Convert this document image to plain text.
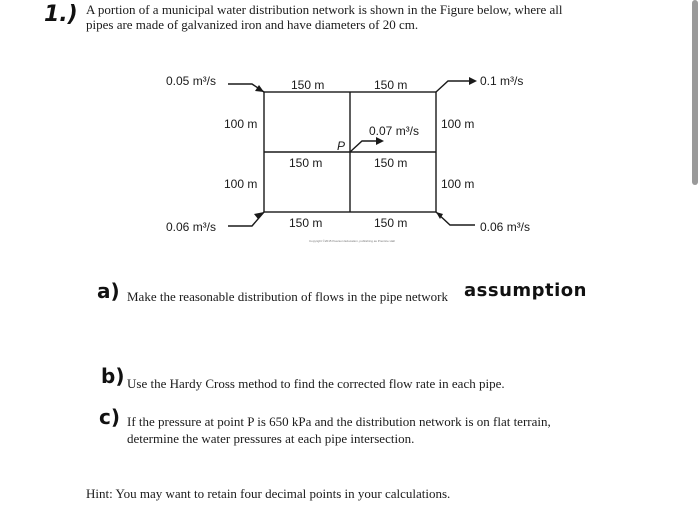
1.) A portion of a municipal water distribution network is shown in the Figure below, where all
pipes are made of galvanized iron and have diameters of 20 cm.
0.05 m³/s	0.1 m³/s
0.06 m³/s	0.06 m³/s
0.07 m³/s
P
150 m	150 m
150 m	150 m
150 m	150 m
100 m
100 m
100 m
100 m
Copyright ©2015 Pearson Education, publishing as Prentice Hall
a) Make the reasonable distribution of flows in the pipe network assumption
b) Use the Hardy Cross method to find the corrected flow rate in each pipe.
c) If the pressure at point P is 650 kPa and the distribution network is on flat terrain,
determine the water pressures at each pipe intersection.
Hint: You may want to retain four decimal points in your calculations.
